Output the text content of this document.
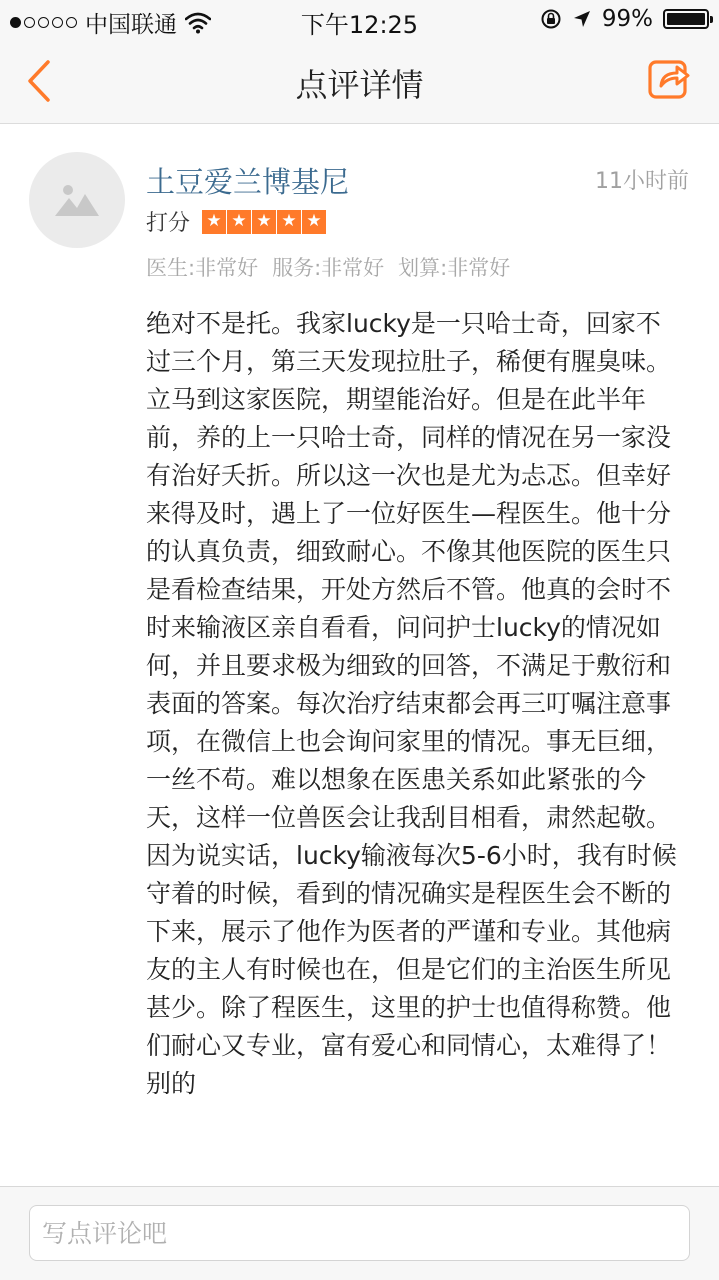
中国联通	下午12:25	99%
点评详情
土豆爱兰博基尼	11小时前
打分 ★ ★ ★ ★ ★
医生:非常好 服务:非常好 划算:非常好
绝对不是托。我家lucky是一只哈士奇，回家不过三个月，第三天发现拉肚子，稀便有腥臭味。立马到这家医院，期望能治好。但是在此半年前，养的上一只哈士奇，同样的情况在另一家没有治好夭折。所以这一次也是尤为忐忑。但幸好来得及时，遇上了一位好医生—程医生。他十分的认真负责，细致耐心。不像其他医院的医生只是看检查结果，开处方然后不管。他真的会时不时来输液区亲自看看，问问护士lucky的情况如何，并且要求极为细致的回答，不满足于敷衍和表面的答案。每次治疗结束都会再三叮嘱注意事项，在微信上也会询问家里的情况。事无巨细，一丝不苟。难以想象在医患关系如此紧张的今天，这样一位兽医会让我刮目相看，肃然起敬。因为说实话，lucky输液每次5-6小时，我有时候守着的时候，看到的情况确实是程医生会不断的下来，展示了他作为医者的严谨和专业。其他病友的主人有时候也在，但是它们的主治医生所见甚少。除了程医生，这里的护士也值得称赞。他们耐心又专业，富有爱心和同情心，太难得了！别的
写点评论吧
